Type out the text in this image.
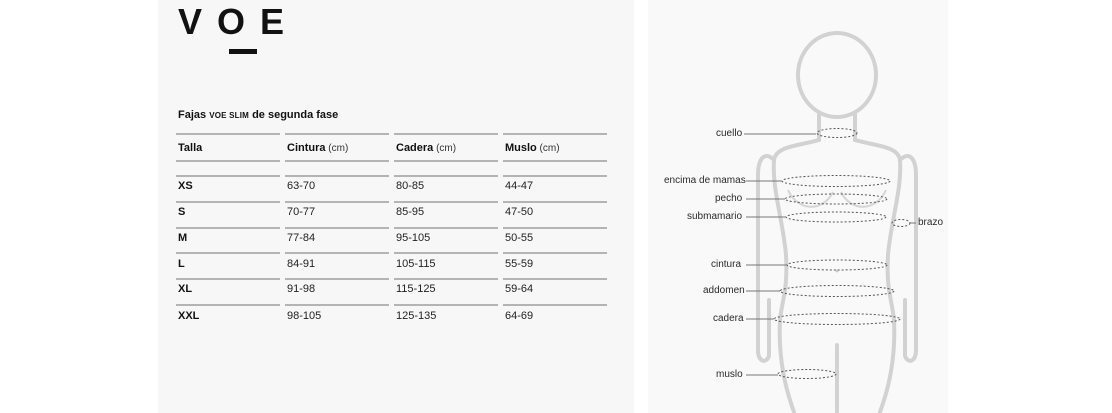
VOE
Fajas VOE SLIM de segunda fase
Talla	Cintura (cm)	Cadera (cm)	Muslo (cm)
XS	63-70	80-85	44-47
S	70-77	85-95	47-50
M	77-84	95-105	50-55
L	84-91	105-115	55-59
XL	91-98	115-125	59-64
XXL	98-105	125-135	64-69
cuello
encima de mamas
pecho
submamario
brazo
cintura
addomen
cadera
muslo
